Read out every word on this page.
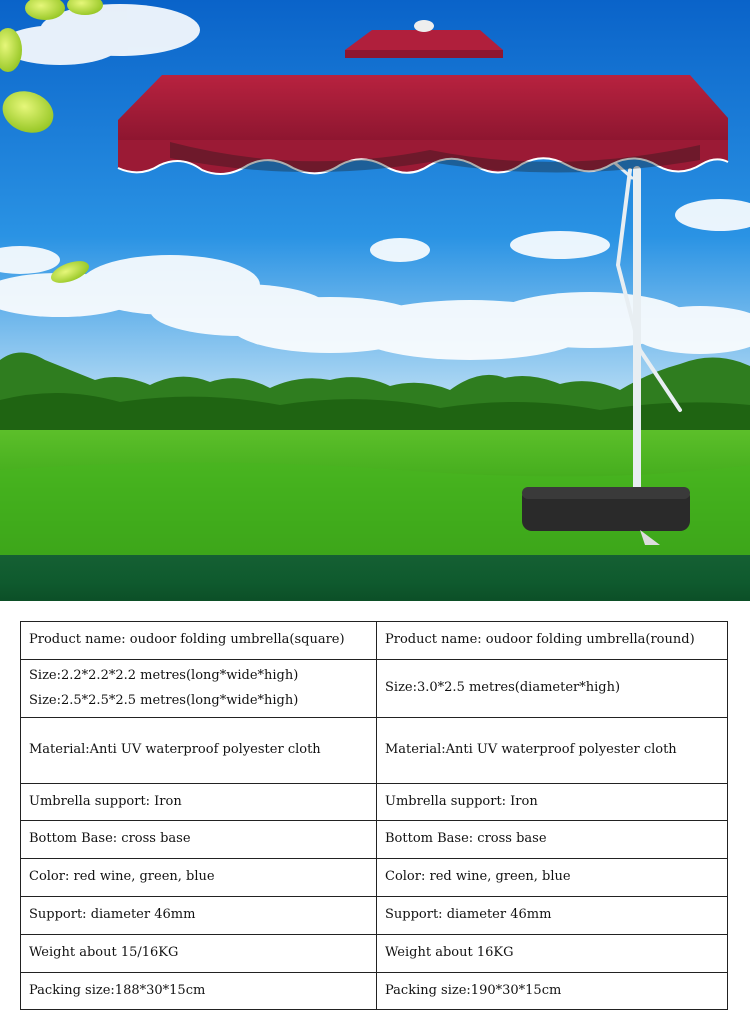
Product name: oudoor folding umbrella(square)	Product name: oudoor folding umbrella(round)

Size:2.2*2.2*2.2 metres(long*wide*high)
Size:2.5*2.5*2.5 metres(long*wide*high)	Size:3.0*2.5 metres(diameter*high)

Material:Anti UV waterproof polyester cloth	Material:Anti UV waterproof polyester cloth

Umbrella support: Iron	Umbrella support: Iron

Bottom Base: cross base	Bottom Base: cross base

Color: red wine, green, blue	Color: red wine, green, blue

Support: diameter 46mm	Support: diameter 46mm

Weight about 15/16KG	Weight about 16KG

Packing size:188*30*15cm	Packing size:190*30*15cm
